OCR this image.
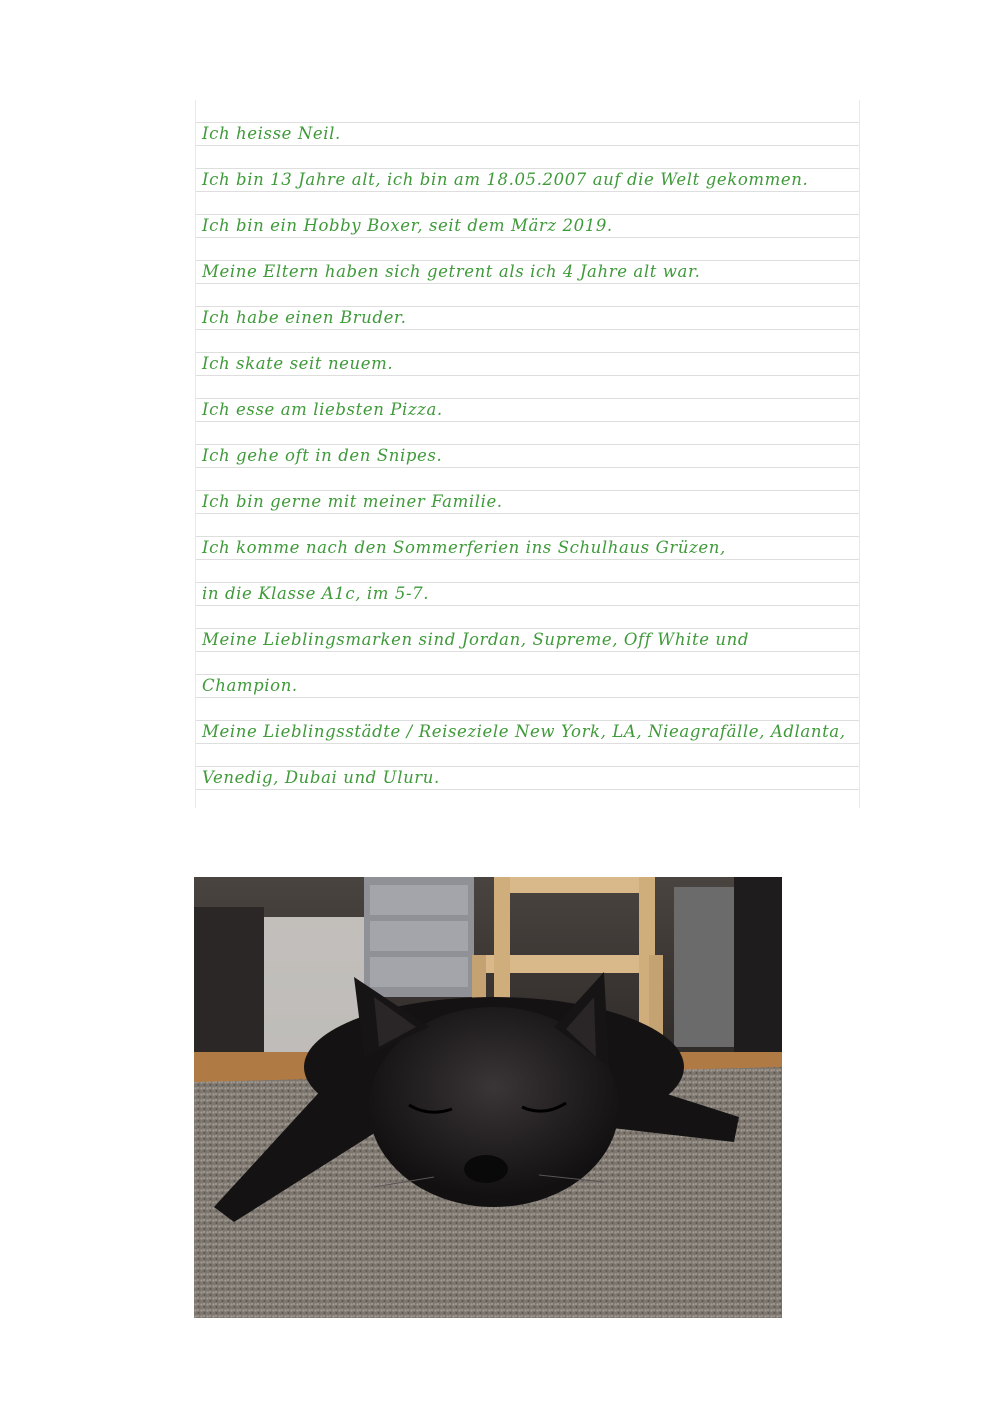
Ich heisse Neil.

Ich bin 13 Jahre alt, ich bin am 18.05.2007 auf die Welt gekommen.

Ich bin ein Hobby Boxer, seit dem März 2019.

Meine Eltern haben sich getrent als ich 4 Jahre alt war.

Ich habe einen Bruder.

Ich skate seit neuem.

Ich esse am liebsten Pizza.

Ich gehe oft in den Snipes.

Ich bin gerne mit meiner Familie.

Ich komme nach den Sommerferien ins Schulhaus Grüzen,

in die Klasse A1c, im 5-7.

Meine Lieblingsmarken sind Jordan, Supreme, Off White und

Champion.

Meine Lieblingsstädte / Reiseziele New York, LA, Nieagrafälle, Adlanta,

Venedig, Dubai und Uluru.
